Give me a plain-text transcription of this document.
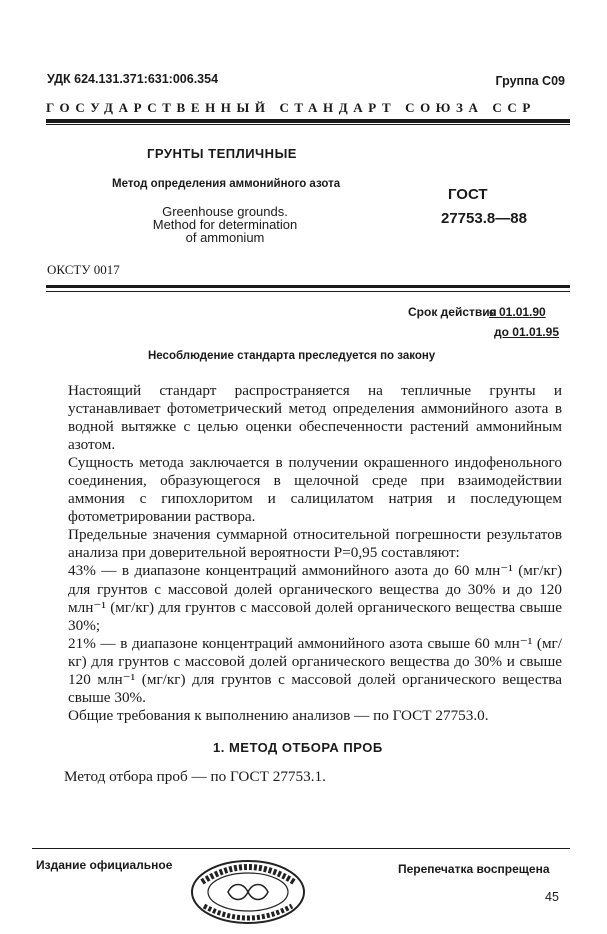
УДК 624.131.371:631:006.354	Группа С09
ГОСУДАРСТВЕННЫЙ СТАНДАРТ СОЮЗА ССР
ГРУНТЫ ТЕПЛИЧНЫЕ
Метод определения аммонийного азота
Greenhouse grounds.
Method for determination
of ammonium
ГОСТ
27753.8—88
ОКСТУ 0017
Срок действия
с 01.01.90
до 01.01.95
Несоблюдение стандарта преследуется по закону

Настоящий стандарт распространяется на тепличные грунты и устанавливает фотометрический метод определения аммонийного азота в водной вытяжке с целью оценки обеспеченности растений аммонийным азотом.

Сущность метода заключается в получении окрашенного индофенольного соединения, образующегося в щелочной среде при взаимодействии аммония с гипохлоритом и салицилатом натрия и последующем фотометрировании раствора.

Предельные значения суммарной относительной погрешности результатов анализа при доверительной вероятности P=0,95 составляют:

43% — в диапазоне концентраций аммонийного азота до 60 млн⁻¹ (мг/кг) для грунтов с массовой долей органического вещества до 30% и до 120 млн⁻¹ (мг/кг) для грунтов с массовой долей органического вещества свыше 30%;

21% — в диапазоне концентраций аммонийного азота свыше 60 млн⁻¹ (мг/кг) для грунтов с массовой долей органического вещества до 30% и свыше 120 млн⁻¹ (мг/кг) для грунтов с массовой долей органического вещества свыше 30%.

Общие требования к выполнению анализов — по ГОСТ 27753.0.

1. МЕТОД ОТБОРА ПРОБ
Метод отбора проб — по ГОСТ 27753.1.
Издание официальное	Перепечатка воспрещена
45
